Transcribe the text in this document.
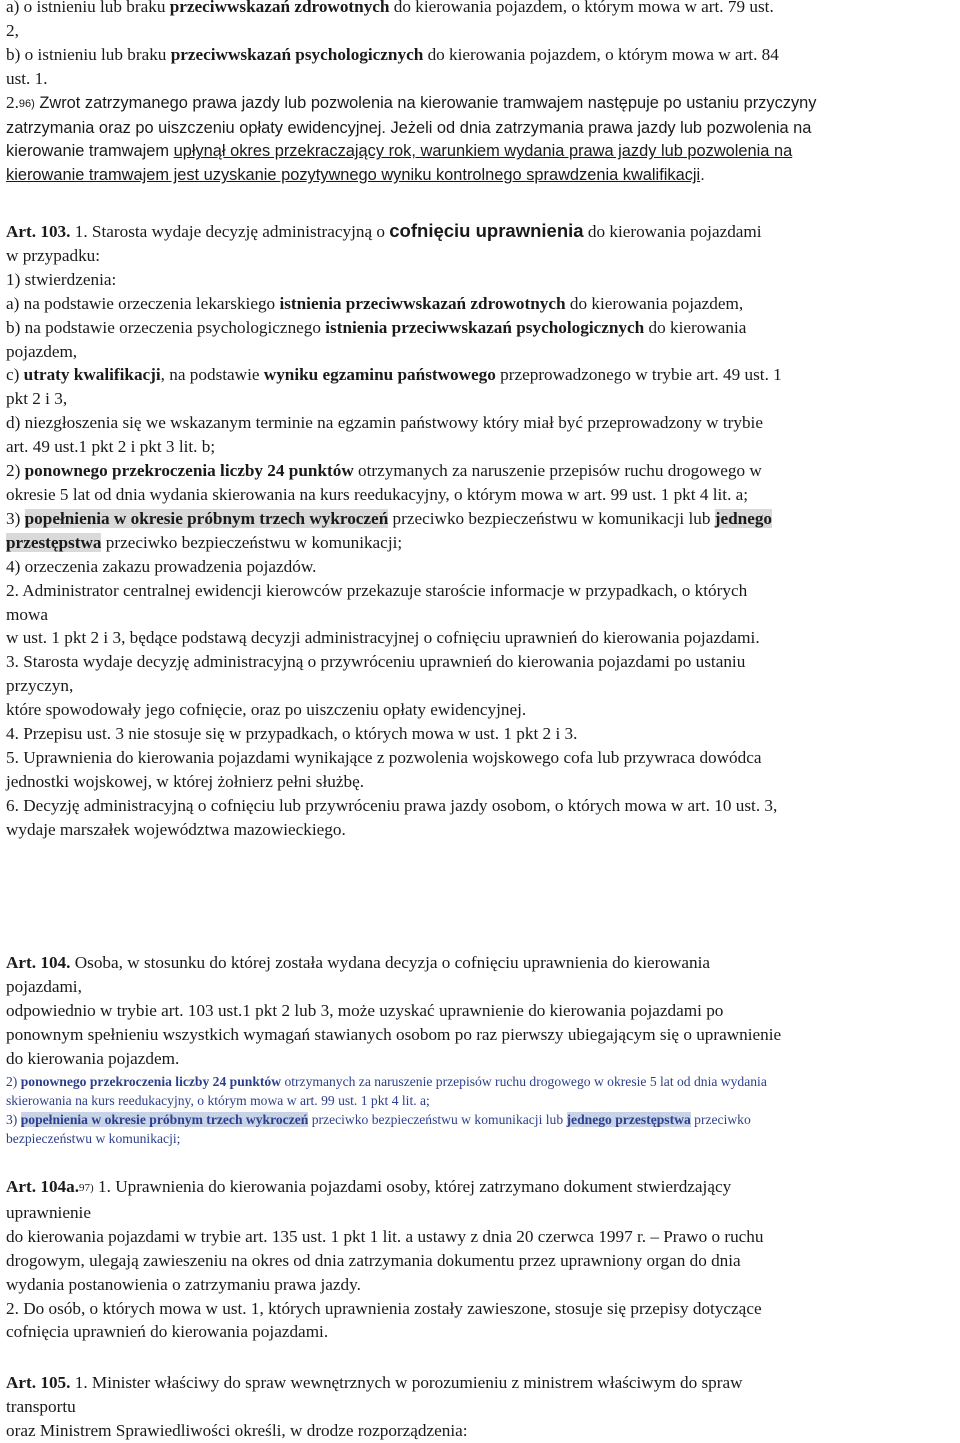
a) o istnieniu lub braku przeciwwskazań zdrowotnych do kierowania pojazdem, o którym mowa w art. 79 ust.
2,
b) o istnieniu lub braku przeciwwskazań psychologicznych do kierowania pojazdem, o którym mowa w art. 84
ust. 1.
2.96) Zwrot zatrzymanego prawa jazdy lub pozwolenia na kierowanie tramwajem następuje po ustaniu przyczyny
zatrzymania oraz po uiszczeniu opłaty ewidencyjnej. Jeżeli od dnia zatrzymania prawa jazdy lub pozwolenia na
kierowanie tramwajem upłynął okres przekraczający rok, warunkiem wydania prawa jazdy lub pozwolenia na
kierowanie tramwajem jest uzyskanie pozytywnego wyniku kontrolnego sprawdzenia kwalifikacji.
Art. 103. 1. Starosta wydaje decyzję administracyjną o cofnięciu uprawnienia do kierowania pojazdami
w przypadku:
1) stwierdzenia:
a) na podstawie orzeczenia lekarskiego istnienia przeciwwskazań zdrowotnych do kierowania pojazdem,
b) na podstawie orzeczenia psychologicznego istnienia przeciwwskazań psychologicznych do kierowania
pojazdem,
c) utraty kwalifikacji, na podstawie wyniku egzaminu państwowego przeprowadzonego w trybie art. 49 ust. 1
pkt 2 i 3,
d) niezgłoszenia się we wskazanym terminie na egzamin państwowy który miał być przeprowadzony w trybie
art. 49 ust.1 pkt 2 i pkt 3 lit. b;
2) ponownego przekroczenia liczby 24 punktów otrzymanych za naruszenie przepisów ruchu drogowego w
okresie 5 lat od dnia wydania skierowania na kurs reedukacyjny, o którym mowa w art. 99 ust. 1 pkt 4 lit. a;
3) popełnienia w okresie próbnym trzech wykroczeń przeciwko bezpieczeństwu w komunikacji lub jednego
przestępstwa przeciwko bezpieczeństwu w komunikacji;
4) orzeczenia zakazu prowadzenia pojazdów.
2. Administrator centralnej ewidencji kierowców przekazuje staroście informacje w przypadkach, o których
mowa
w ust. 1 pkt 2 i 3, będące podstawą decyzji administracyjnej o cofnięciu uprawnień do kierowania pojazdami.
3. Starosta wydaje decyzję administracyjną o przywróceniu uprawnień do kierowania pojazdami po ustaniu
przyczyn,
które spowodowały jego cofnięcie, oraz po uiszczeniu opłaty ewidencyjnej.
4. Przepisu ust. 3 nie stosuje się w przypadkach, o których mowa w ust. 1 pkt 2 i 3.
5. Uprawnienia do kierowania pojazdami wynikające z pozwolenia wojskowego cofa lub przywraca dowódca
jednostki wojskowej, w której żołnierz pełni służbę.
6. Decyzję administracyjną o cofnięciu lub przywróceniu prawa jazdy osobom, o których mowa w art. 10 ust. 3,
wydaje marszałek województwa mazowieckiego.
Art. 104. Osoba, w stosunku do której została wydana decyzja o cofnięciu uprawnienia do kierowania
pojazdami,
odpowiednio w trybie art. 103 ust.1 pkt 2 lub 3, może uzyskać uprawnienie do kierowania pojazdami po
ponownym spełnieniu wszystkich wymagań stawianych osobom po raz pierwszy ubiegającym się o uprawnienie
do kierowania pojazdem.
2) ponownego przekroczenia liczby 24 punktów otrzymanych za naruszenie przepisów ruchu drogowego w okresie 5 lat od dnia wydania
skierowania na kurs reedukacyjny, o którym mowa w art. 99 ust. 1 pkt 4 lit. a;
3) popełnienia w okresie próbnym trzech wykroczeń przeciwko bezpieczeństwu w komunikacji lub jednego przestępstwa przeciwko
bezpieczeństwu w komunikacji;
Art. 104a.97) 1. Uprawnienia do kierowania pojazdami osoby, której zatrzymano dokument stwierdzający
uprawnienie
do kierowania pojazdami w trybie art. 135 ust. 1 pkt 1 lit. a ustawy z dnia 20 czerwca 1997 r. – Prawo o ruchu
drogowym, ulegają zawieszeniu na okres od dnia zatrzymania dokumentu przez uprawniony organ do dnia
wydania postanowienia o zatrzymaniu prawa jazdy.
2. Do osób, o których mowa w ust. 1, których uprawnienia zostały zawieszone, stosuje się przepisy dotyczące
cofnięcia uprawnień do kierowania pojazdami.
Art. 105. 1. Minister właściwy do spraw wewnętrznych w porozumieniu z ministrem właściwym do spraw
transportu
oraz Ministrem Sprawiedliwości określi, w drodze rozporządzenia:
